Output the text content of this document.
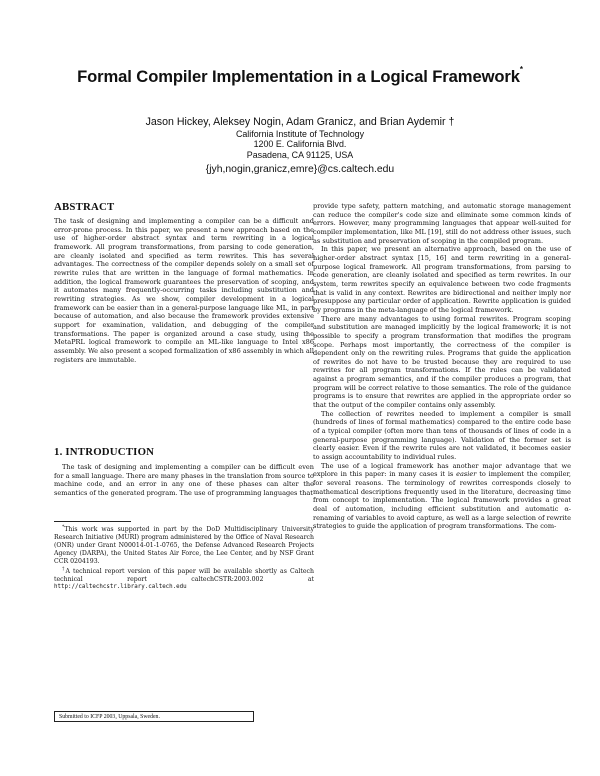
Formal Compiler Implementation in a Logical Framework*
Jason Hickey, Aleksey Nogin, Adam Granicz, and Brian Aydemir †
California Institute of Technology
1200 E. California Blvd.
Pasadena, CA 91125, USA
{jyh,nogin,granicz,emre}@cs.caltech.edu
ABSTRACT

The task of designing and implementing a compiler can be a difficult and error-prone process. In this paper, we present a new approach based on the use of higher-order abstract syntax and term rewriting in a logical framework. All program transformations, from parsing to code generation, are cleanly isolated and specified as term rewrites. This has several advantages. The correctness of the compiler depends solely on a small set of rewrite rules that are written in the language of formal mathematics. In addition, the logical framework guarantees the preservation of scoping, and it automates many frequently-occurring tasks including substitution and rewriting strategies. As we show, compiler development in a logical framework can be easier than in a general-purpose language like ML, in part because of automation, and also because the framework provides extensive support for examination, validation, and debugging of the compiler transformations. The paper is organized around a case study, using the MetaPRL logical framework to compile an ML-like language to Intel x86 assembly. We also present a scoped formalization of x86 assembly in which all registers are immutable.

1. INTRODUCTION

The task of designing and implementing a compiler can be difficult even for a small language. There are many phases in the translation from source to machine code, and an error in any one of these phases can alter the semantics of the generated program. The use of programming languages that

*This work was supported in part by the DoD Multidisciplinary University Research Initiative (MURI) program administered by the Office of Naval Research (ONR) under Grant N00014-01-1-0765, the Defense Advanced Research Projects Agency (DARPA), the United States Air Force, the Lee Center, and by NSF Grant CCR 0204193.

†A technical report version of this paper will be available shortly as Caltech technical report caltechCSTR:2003.002 at http://caltechcstr.library.caltech.edu

provide type safety, pattern matching, and automatic storage management can reduce the compiler's code size and eliminate some common kinds of errors. However, many programming languages that appear well-suited for compiler implementation, like ML [19], still do not address other issues, such as substitution and preservation of scoping in the compiled program.

In this paper, we present an alternative approach, based on the use of higher-order abstract syntax [15, 16] and term rewriting in a general-purpose logical framework. All program transformations, from parsing to code generation, are cleanly isolated and specified as term rewrites. In our system, term rewrites specify an equivalence between two code fragments that is valid in any context. Rewrites are bidirectional and neither imply nor presuppose any particular order of application. Rewrite application is guided by programs in the meta-language of the logical framework.

There are many advantages to using formal rewrites. Program scoping and substitution are managed implicitly by the logical framework; it is not possible to specify a program transformation that modifies the program scope. Perhaps most importantly, the correctness of the compiler is dependent only on the rewriting rules. Programs that guide the application of rewrites do not have to be trusted because they are required to use rewrites for all program transformations. If the rules can be validated against a program semantics, and if the compiler produces a program, that program will be correct relative to those semantics. The role of the guidance programs is to ensure that rewrites are applied in the appropriate order so that the output of the compiler contains only assembly.

The collection of rewrites needed to implement a compiler is small (hundreds of lines of formal mathematics) compared to the entire code base of a typical compiler (often more than tens of thousands of lines of code in a general-purpose programming language). Validation of the former set is clearly easier. Even if the rewrite rules are not validated, it becomes easier to assign accountability to individual rules.

The use of a logical framework has another major advantage that we explore in this paper: in many cases it is easier to implement the compiler, for several reasons. The terminology of rewrites corresponds closely to mathematical descriptions frequently used in the literature, decreasing time from concept to implementation. The logical framework provides a great deal of automation, including efficient substitution and automatic α-renaming of variables to avoid capture, as well as a large selection of rewrite strategies to guide the application of program transformations. The com-

Submitted to ICFP 2003, Uppsala, Sweden.
